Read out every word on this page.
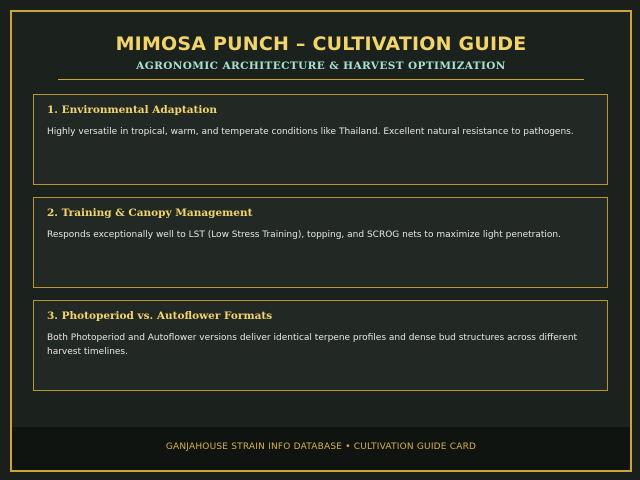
MIMOSA PUNCH – CULTIVATION GUIDE
AGRONOMIC ARCHITECTURE & HARVEST OPTIMIZATION
1. Environmental Adaptation

Highly versatile in tropical, warm, and temperate conditions like Thailand. Excellent natural resistance to pathogens.

2. Training & Canopy Management

Responds exceptionally well to LST (Low Stress Training), topping, and SCROG nets to maximize light penetration.

3. Photoperiod vs. Autoflower Formats

Both Photoperiod and Autoflower versions deliver identical terpene profiles and dense bud structures across different harvest timelines.

GANJAHOUSE STRAIN INFO DATABASE • CULTIVATION GUIDE CARD
